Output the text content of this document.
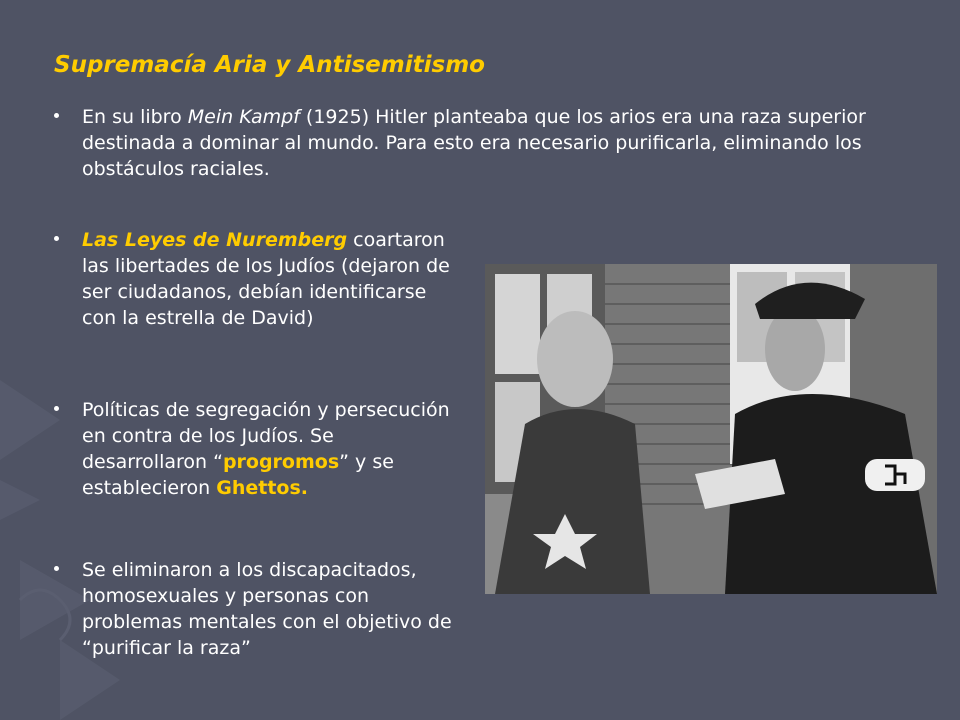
Supremacía Aria y Antisemitismo
En su libro Mein Kampf (1925) Hitler planteaba que los arios era una raza superior destinada a dominar al mundo. Para esto era necesario purificarla, eliminando los obstáculos raciales.
Las Leyes de Nuremberg coartaron las libertades de los Judíos (dejaron de ser ciudadanos, debían identificarse con la estrella de David)
Políticas de segregación y persecución en contra de los Judíos. Se desarrollaron “progromos” y se establecieron Ghettos.
Se eliminaron a los discapacitados, homosexuales y personas con problemas mentales con el objetivo de “purificar la raza”
